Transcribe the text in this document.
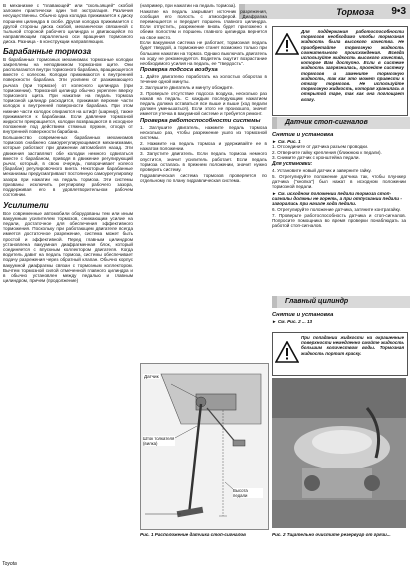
Тормоза 9•3

В механизме с "плавающей" или "скользящей" скобой заложен практически один тип экстрагация. Различия несущественны. Обычно одна колодка прижимается к диску поршнем цилиндра в скобе. Другая колодка прижимается с другой стороны диска скобой, механически связанной с тыльной стороной рабочего цилиндра и двигающейся по направляющим параллельно оси вращения тормозного диска. Разница - в конструкции направляющих.

Барабанные тормоза

В барабанных тормозных механизмах тормозные колодки закреплены на неподвижном тормозном щите. Они располагаются внутри тормозного барабана, вращающегося вместе с колесом. Колодки прижимаются к внутренней поверхности барабана. Эти усилием от разжимающего рычага (при тормозе) от колесного цилиндра (при торможении). Тормозной цилиндр обычно укреплен вверху тормозного щита. При нажатии на педаль тормоза тормозной цилиндр расходится, прижимая верхние части колодок к внутренней поверхности барабана. При этом нижние части колодок опираются на штифт (шарнир), также прижимается к барабанам. Если давление тормозной жидкости прекращается, колодки возвращаются в исходное положение под действием стяжных пружин, отходя от внутренней поверхности барабана.

Большинство современных барабанных механизмов тормозов снабжено самоурегулирующимися механизмами, которые работают при движении автомобиля назад. Эти движения заставляют обе колодки немного сдвигаться вместе с барабаном, приводя в движение регулирующий рычаг, который, в свою очередь, поворачивает колесо (барабан) регулировочного винта. Некоторые барабанные механизмы предусматривают постоянную самоурегулировку зазора при нажатии на педаль тормоза. Эти системы призваны исключить регулировку рабочего зазора, поддерживая его в удовлетворительном рабочем состоянии.

Усилители

Все современные автомобили оборудованы тем или иным вакуумным усилителем тормозов, снижающим усилие на педали, достаточное для обеспечения эффективного торможения. Поскольку при работающем двигателе всегда имеется достаточное разрежение, система может быть простой и эффективной. Перед главным цилиндром установлена вакуумная диафрагменная блок, который соединяется с впускным коллектором двигателя. Когда водитель давит на педаль тормоза, системы обеспечивает подачу разрежения через обратный клапан. Обычно корпус вакуумной диафрагмы связан с тормозным коллектором. Вычтем тормозной силой отмеченной главного цилиндра и в обычно установлен между педалью и главным цилиндром, причем (продолжение)

(например, при нажатии на педаль тормоза).

Нажатие на педаль закрывает источник разрежения, сообщая его полость с атмосферой. Диафрагма перемещается и передает поршень главного цилиндра. Если отпустить, разрежение вновь будет приложено к обеим полостям и поршень главного цилиндра вернется на свое место.

Если вакуумная система не работает, тормозная педаль будет твердой, а торможение станет возможно только при большем нажатии на тормоз. Однако выключать двигатель на ходу не рекомендуется. Водитель ощутит возрастание необходимого усилия на педаль, ее "твердость".

Проверка подсоса воздуха

1. Дайте двигателю поработать на холостых оборотах в течение одной минуты.

2. Заглушите двигатель и минуту обождите.

3. Проверьте отсутствие подсоса воздуха, несколько раз нажав на педаль. С каждым последующим нажатием педаль должна оставаться все выше и выше (ход педали должен уменьшаться). Если этого не произошло, значит имеется утечка в вакуумной системе и требуется ремонт.

Проверка работоспособности системы

1. Заглушите двигатель, нажмите педаль тормоза несколько раз, чтобы разрежение ушло из тормозной системы.

2. Нажмите на педаль тормоза и удерживайте ее в нажатом положении.

3. Запустите двигатель. Если педаль тормоза немного опустится, значит усилитель работает. Если педаль тормоза осталась в прежнем положении, значит нужно проверить систему.

Гидравлическая система тормозов проверяется по отдельному по плану гидравлическая система.

Датчик
Шток толкателя (вилка)
Высота педали
Рис. 1 Расположение датчика стоп-сигналов
Для поддержания работоспособности тормозов необходимо чтобы тормозная жидкость была высокого качества. Не приобретайте тормозную жидкость сомнительного происхождения. Всегда используйте жидкость высокого качества, которое Вам доступно. Если в системе жидкость загрязнилась, пролейте систему тормозов и замените тормозную жидкость, так как это может привести к отказу тормозов. Не используйте тормозную жидкость, которая хранилась в открытой таре, так как она поглощает влагу.
Датчик стоп-сигналов
Снятие и установка
► См. Рис. 1

1. Отсоедините от датчика разъем проводки.

2. Отверните гайку крепления (ближнюю к педали).

3. Снимите датчик с кронштейна педали.

Для установки:

4. Установите новый датчик и заверните гайку.

5. Отрегулируйте положение датчика так, чтобы плунжер датчика ("кнопка") был нажат в исходном положении тормозной педали.

► См. исходном положении педали тормоза стоп-сигналы должны не гореть, а при отпускании педали - загорались при начале хода педали.

6. Отрегулируйте положение датчика, затяните контрагайку.

7. Проверьте работоспособность датчика и стоп-сигналов. Попросите помощника во время проверки понаблюдать за работой стоп-сигналов.

Главный цилиндр
Снятие и установка
► См. Рис. 2 ... 13
При попадании жидкости на окрашенные поверхности немедленно смойте жидкость большим количеством воды. Тормозная жидкость портит краску.
Рис. 2 Тщательно очистите резервуар от грязи...
Toyota
